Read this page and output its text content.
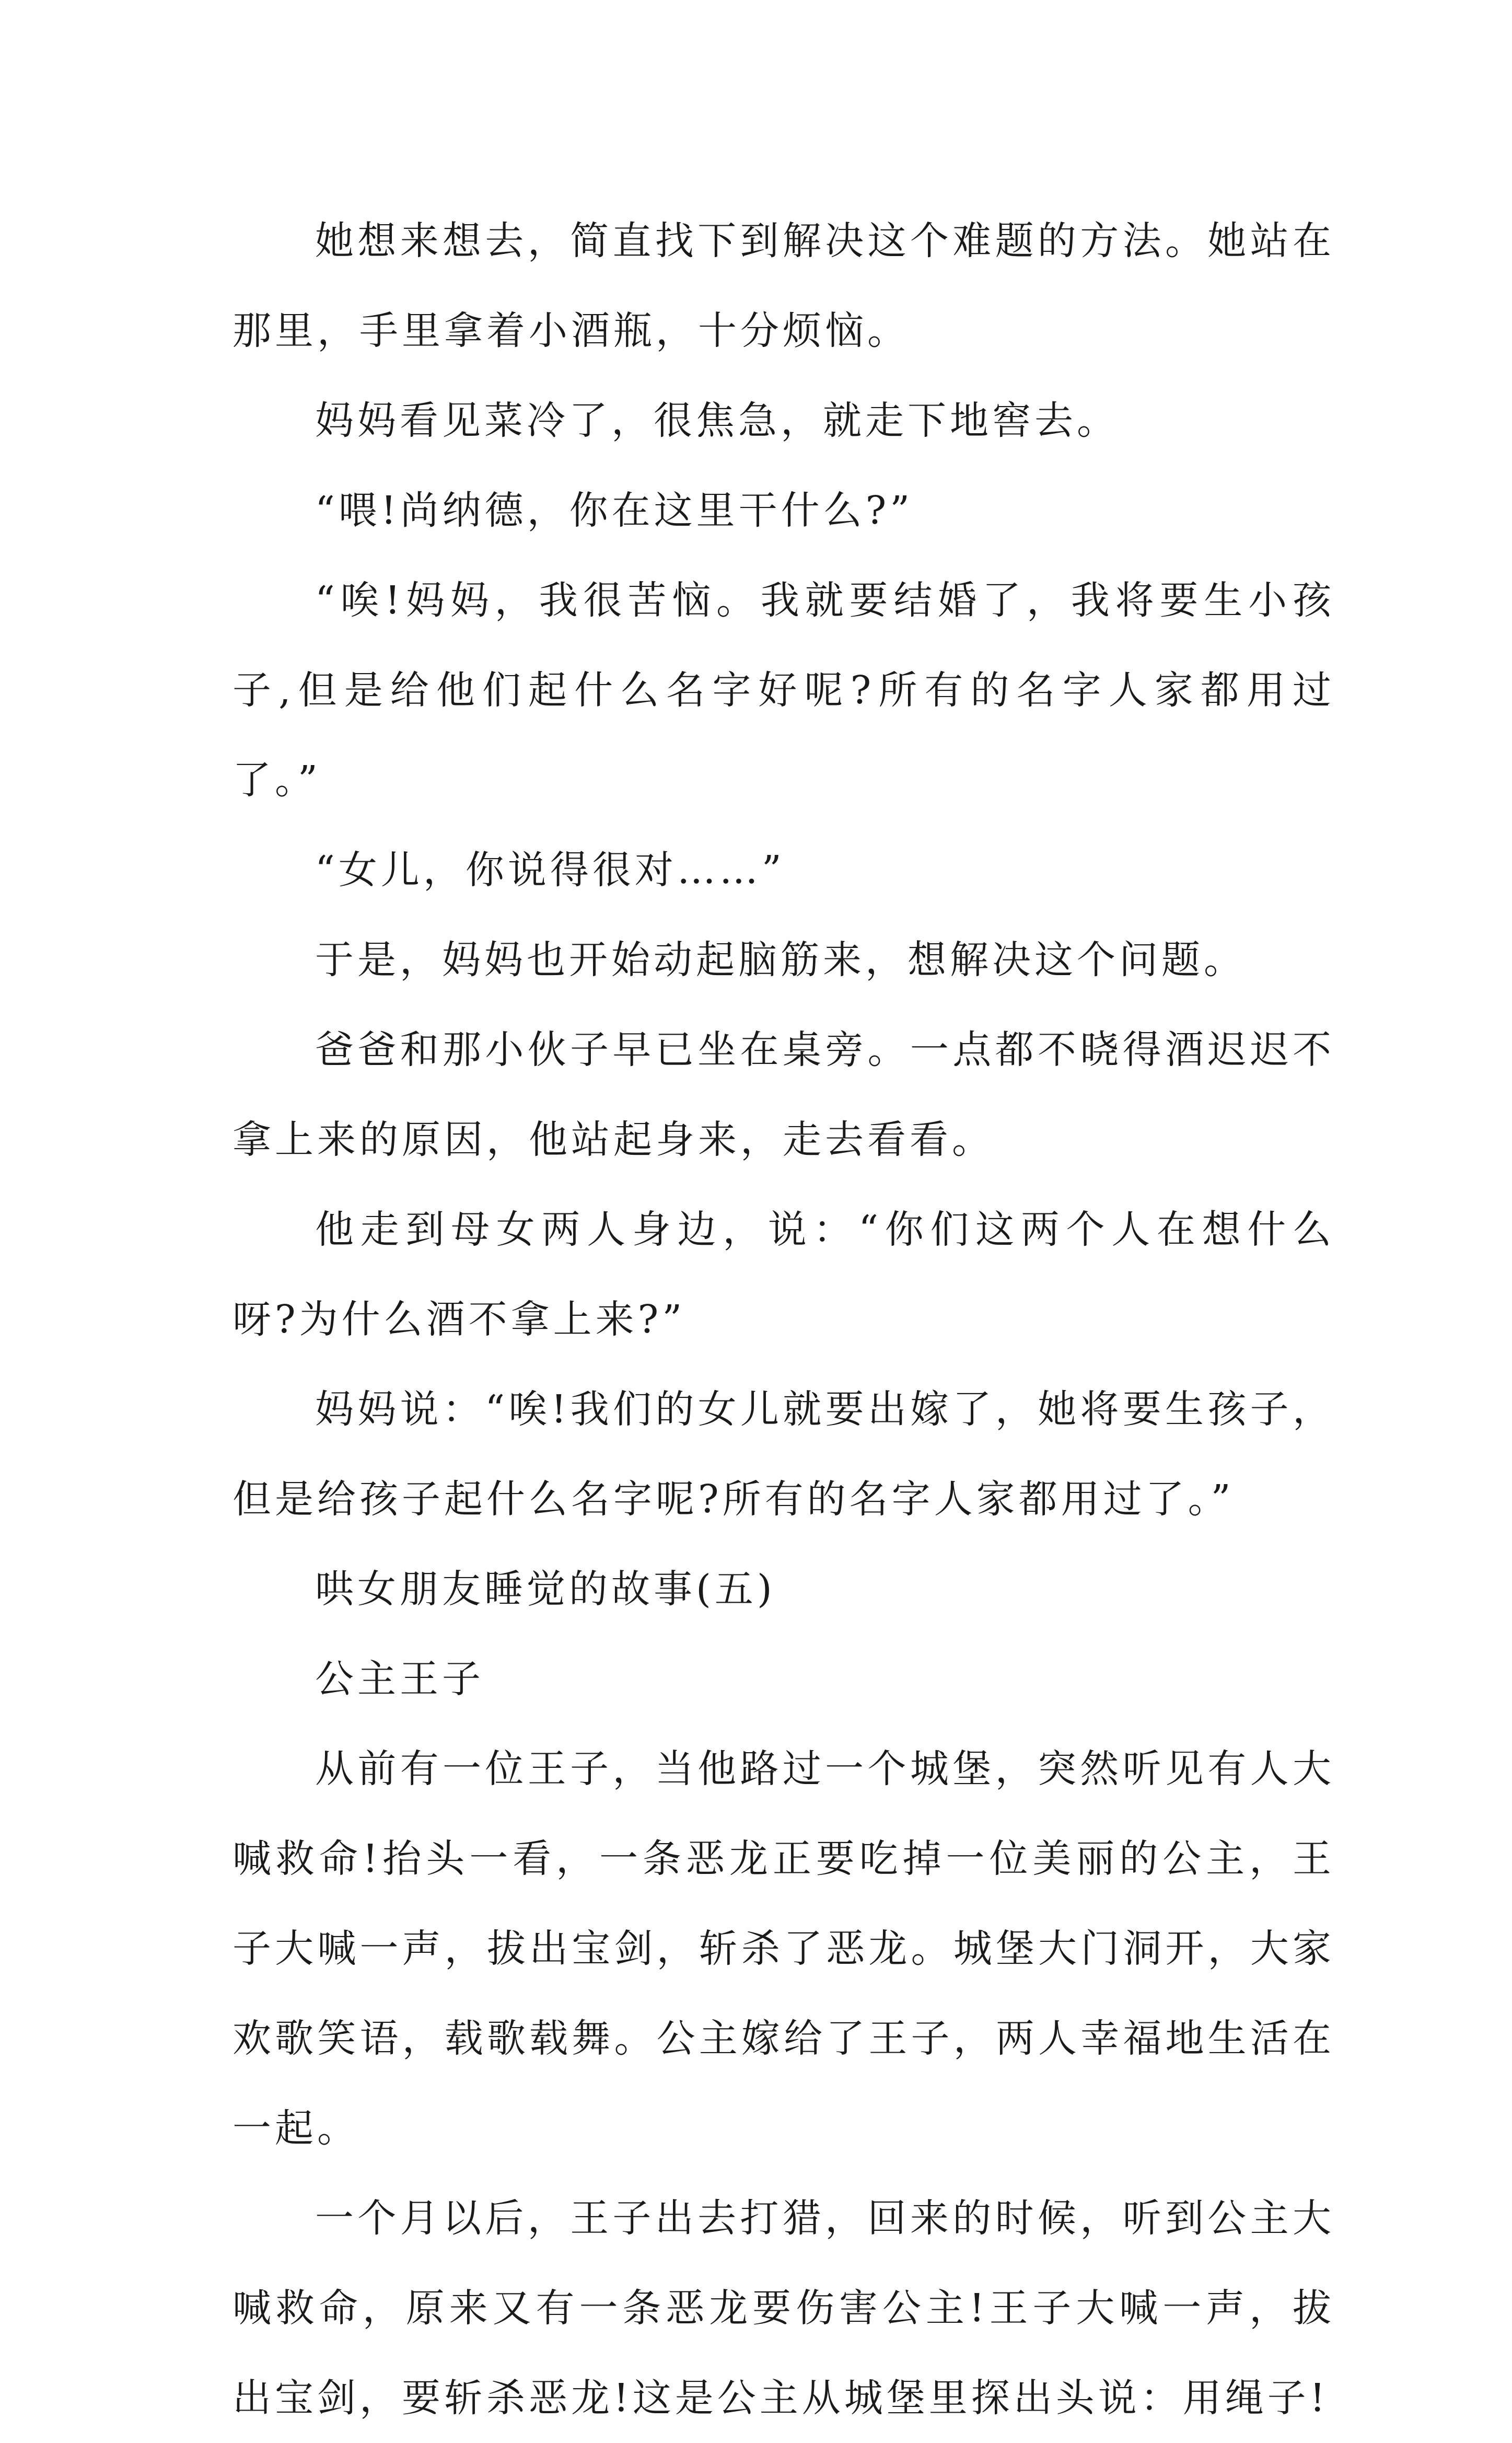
她想来想去，简直找下到解决这个难题的方法。她站在那里，手里拿着小酒瓶，十分烦恼。

妈妈看见菜冷了，很焦急，就走下地窖去。

“喂!尚纳德，你在这里干什么?”

“唉!妈妈，我很苦恼。我就要结婚了，我将要生小孩子,但是给他们起什么名字好呢?所有的名字人家都用过了。”

“女儿，你说得很对……”

于是，妈妈也开始动起脑筋来，想解决这个问题。

爸爸和那小伙子早已坐在桌旁。一点都不晓得酒迟迟不拿上来的原因，他站起身来，走去看看。

他走到母女两人身边，说：“你们这两个人在想什么呀?为什么酒不拿上来?”

妈妈说：“唉!我们的女儿就要出嫁了，她将要生孩子，但是给孩子起什么名字呢?所有的名字人家都用过了。”

哄女朋友睡觉的故事(五)

公主王子

从前有一位王子，当他路过一个城堡，突然听见有人大喊救命!抬头一看，一条恶龙正要吃掉一位美丽的公主，王子大喊一声，拔出宝剑，斩杀了恶龙。城堡大门洞开，大家欢歌笑语，载歌载舞。公主嫁给了王子，两人幸福地生活在一起。

一个月以后，王子出去打猎，回来的时候，听到公主大喊救命，原来又有一条恶龙要伤害公主!王子大喊一声，拔出宝剑，要斩杀恶龙!这是公主从城堡里探出头说：用绳子!
